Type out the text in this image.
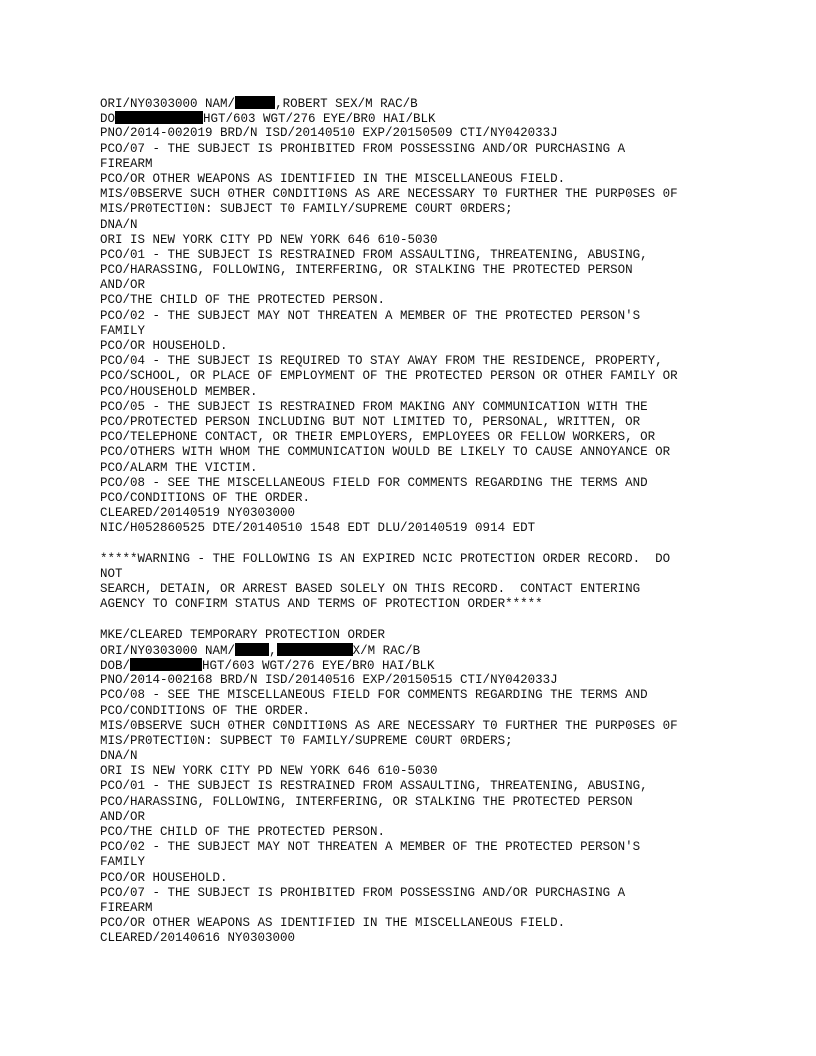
ORI/NY0303000 NAM/	,ROBERT SEX/M RAC/B
DO	HGT/603 WGT/276 EYE/BR0 HAI/BLK
PNO/2014-002019 BRD/N ISD/20140510 EXP/20150509 CTI/NY042033J
PCO/07 - THE SUBJECT IS PROHIBITED FROM POSSESSING AND/OR PURCHASING A
FIREARM
PCO/OR OTHER WEAPONS AS IDENTIFIED IN THE MISCELLANEOUS FIELD.
MIS/0BSERVE SUCH 0THER C0NDITI0NS AS ARE NECESSARY T0 FURTHER THE PURP0SES 0F
MIS/PR0TECTI0N: SUBJECT T0 FAMILY/SUPREME C0URT 0RDERS;
DNA/N
ORI IS NEW YORK CITY PD NEW YORK 646 610-5030
PCO/01 - THE SUBJECT IS RESTRAINED FROM ASSAULTING, THREATENING, ABUSING,
PCO/HARASSING, FOLLOWING, INTERFERING, OR STALKING THE PROTECTED PERSON
AND/OR
PCO/THE CHILD OF THE PROTECTED PERSON.
PCO/02 - THE SUBJECT MAY NOT THREATEN A MEMBER OF THE PROTECTED PERSON'S
FAMILY
PCO/OR HOUSEHOLD.
PCO/04 - THE SUBJECT IS REQUIRED TO STAY AWAY FROM THE RESIDENCE, PROPERTY,
PCO/SCHOOL, OR PLACE OF EMPLOYMENT OF THE PROTECTED PERSON OR OTHER FAMILY OR
PCO/HOUSEHOLD MEMBER.
PCO/05 - THE SUBJECT IS RESTRAINED FROM MAKING ANY COMMUNICATION WITH THE
PCO/PROTECTED PERSON INCLUDING BUT NOT LIMITED TO, PERSONAL, WRITTEN, OR
PCO/TELEPHONE CONTACT, OR THEIR EMPLOYERS, EMPLOYEES OR FELLOW WORKERS, OR
PCO/OTHERS WITH WHOM THE COMMUNICATION WOULD BE LIKELY TO CAUSE ANNOYANCE OR
PCO/ALARM THE VICTIM.
PCO/08 - SEE THE MISCELLANEOUS FIELD FOR COMMENTS REGARDING THE TERMS AND
PCO/CONDITIONS OF THE ORDER.
CLEARED/20140519 NY0303000
NIC/H052860525 DTE/20140510 1548 EDT DLU/20140519 0914 EDT
*****WARNING - THE FOLLOWING IS AN EXPIRED NCIC PROTECTION ORDER RECORD.  DO
NOT
SEARCH, DETAIN, OR ARREST BASED SOLELY ON THIS RECORD.  CONTACT ENTERING
AGENCY TO CONFIRM STATUS AND TERMS OF PROTECTION ORDER*****
MKE/CLEARED TEMPORARY PROTECTION ORDER
ORI/NY0303000 NAM/	,	X/M RAC/B
DOB/	HGT/603 WGT/276 EYE/BR0 HAI/BLK
PNO/2014-002168 BRD/N ISD/20140516 EXP/20150515 CTI/NY042033J
PCO/08 - SEE THE MISCELLANEOUS FIELD FOR COMMENTS REGARDING THE TERMS AND
PCO/CONDITIONS OF THE ORDER.
MIS/0BSERVE SUCH 0THER C0NDITI0NS AS ARE NECESSARY T0 FURTHER THE PURP0SES 0F
MIS/PR0TECTI0N: SUPBECT T0 FAMILY/SUPREME C0URT 0RDERS;
DNA/N
ORI IS NEW YORK CITY PD NEW YORK 646 610-5030
PCO/01 - THE SUBJECT IS RESTRAINED FROM ASSAULTING, THREATENING, ABUSING,
PCO/HARASSING, FOLLOWING, INTERFERING, OR STALKING THE PROTECTED PERSON
AND/OR
PCO/THE CHILD OF THE PROTECTED PERSON.
PCO/02 - THE SUBJECT MAY NOT THREATEN A MEMBER OF THE PROTECTED PERSON'S
FAMILY
PCO/OR HOUSEHOLD.
PCO/07 - THE SUBJECT IS PROHIBITED FROM POSSESSING AND/OR PURCHASING A
FIREARM
PCO/OR OTHER WEAPONS AS IDENTIFIED IN THE MISCELLANEOUS FIELD.
CLEARED/20140616 NY0303000
